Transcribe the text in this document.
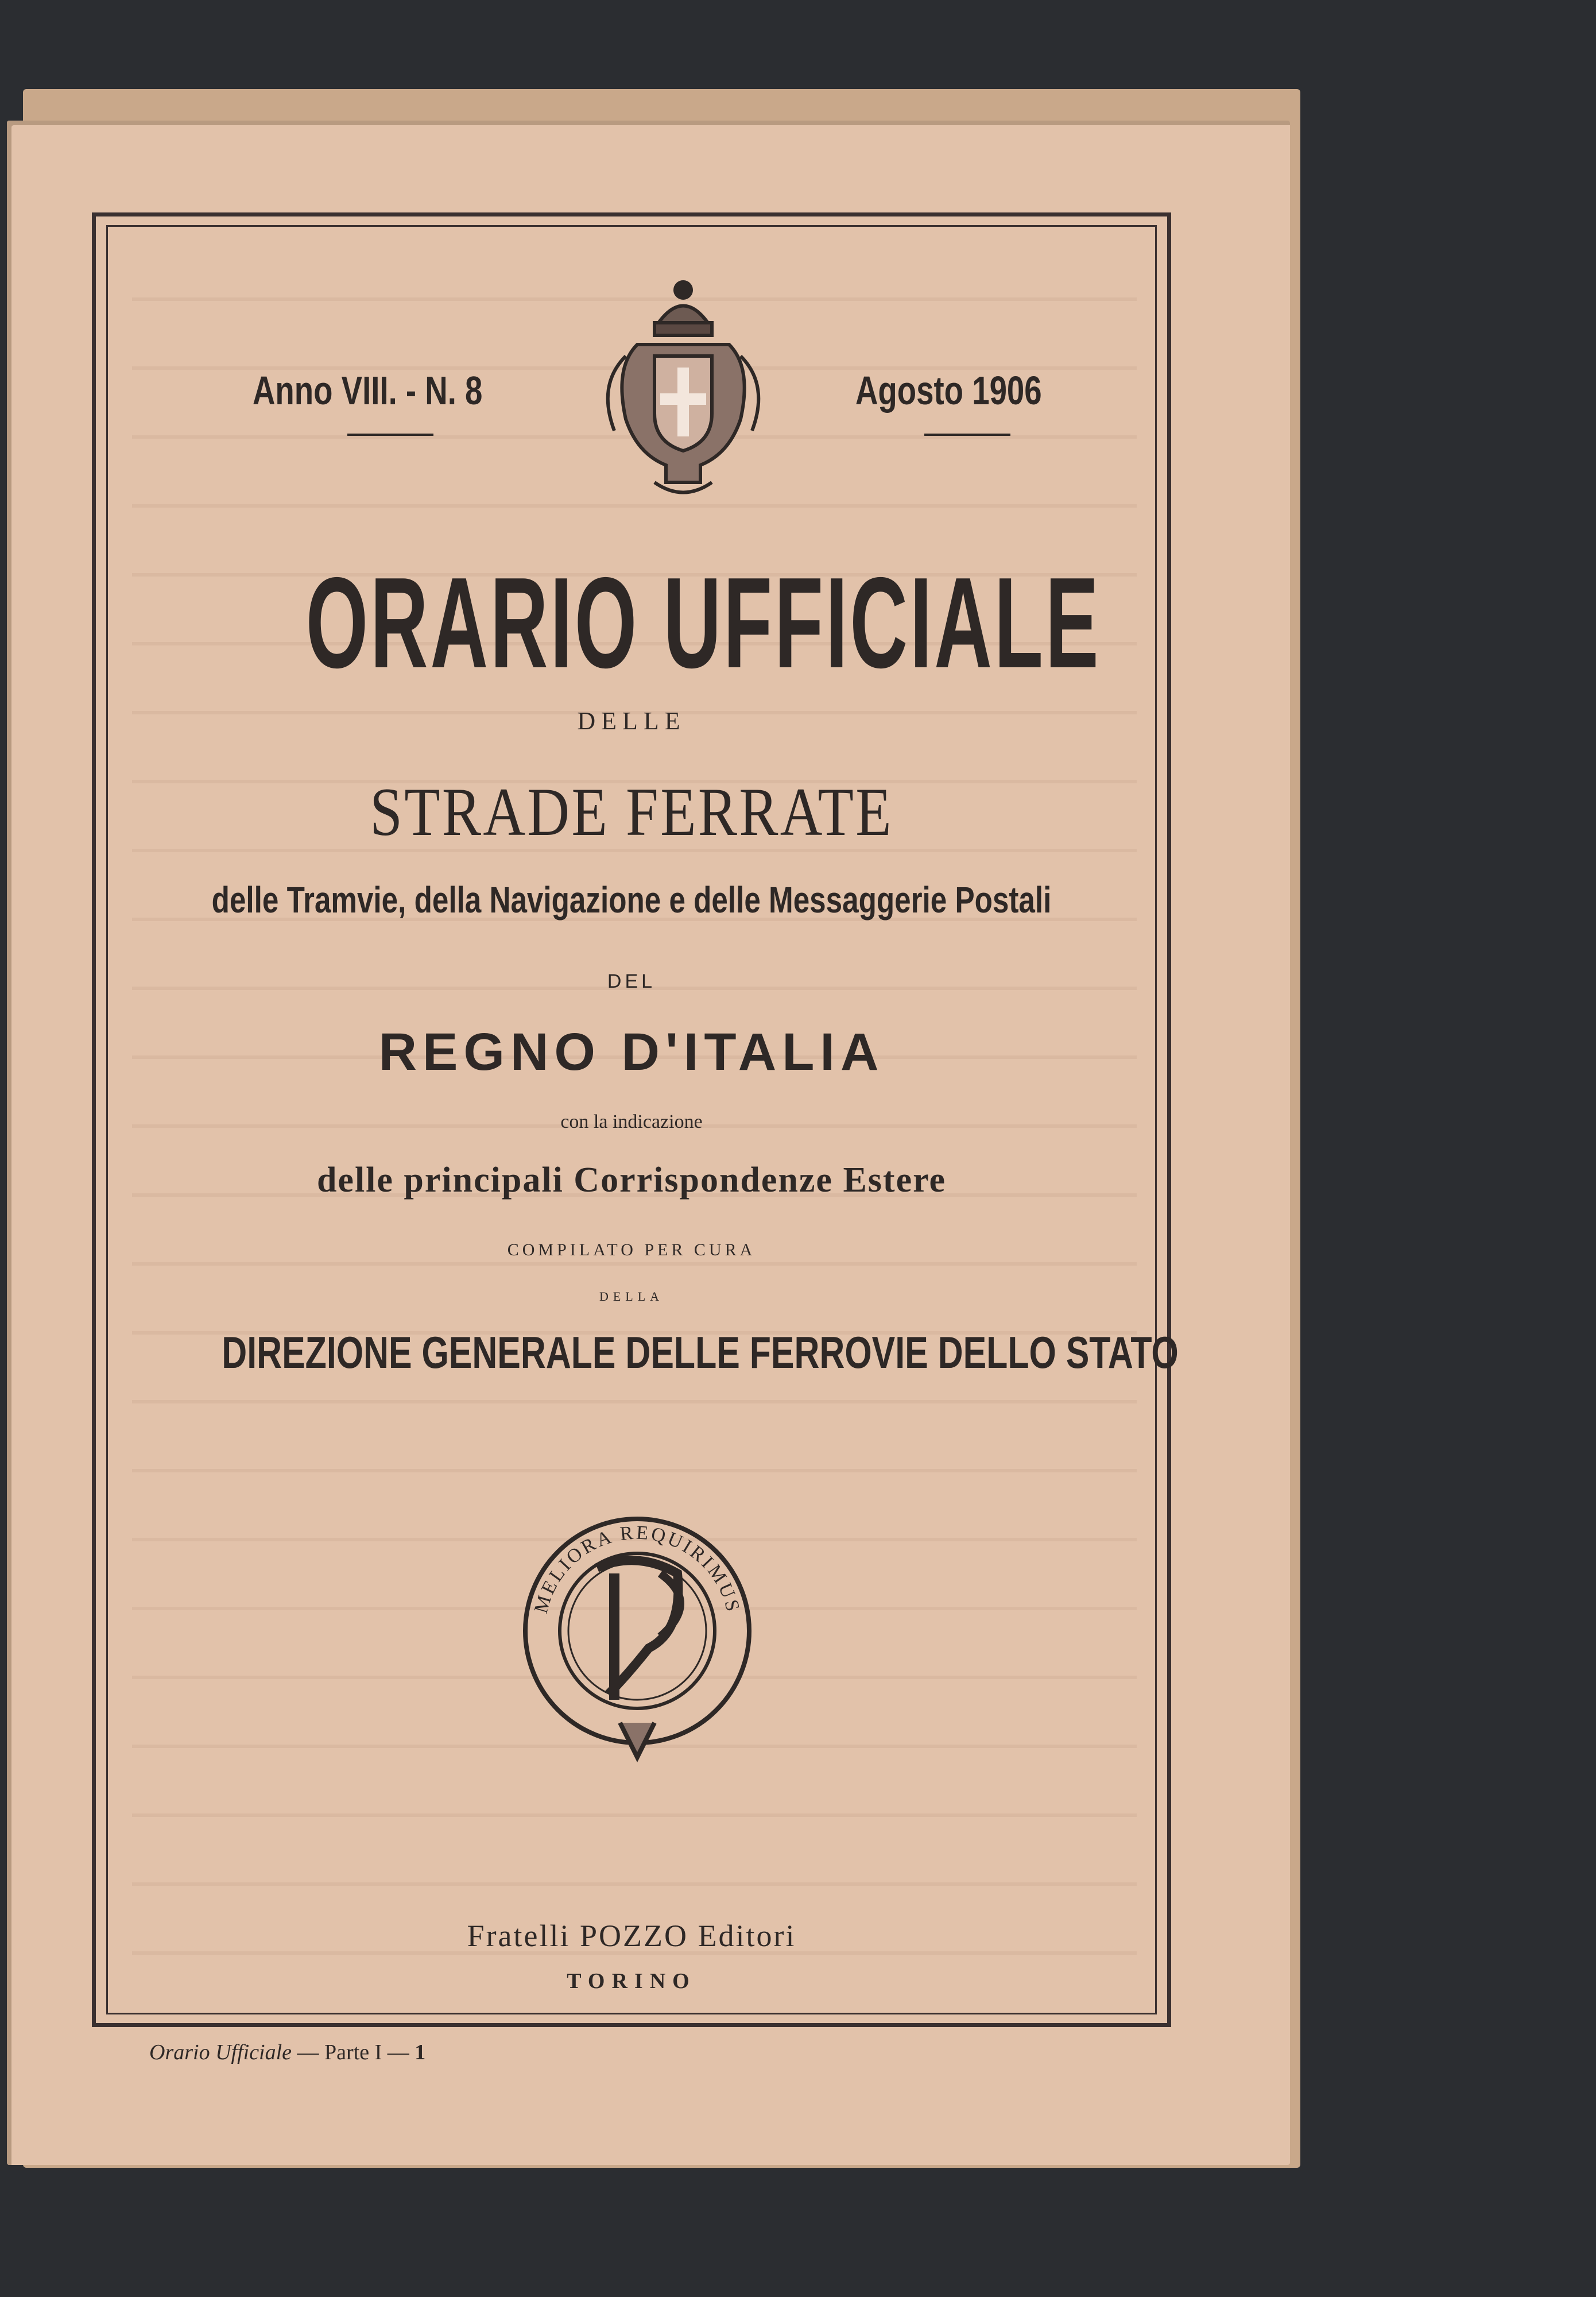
Anno VIII. - N. 8	Agosto 1906
ORARIO UFFICIALE
DELLE
STRADE FERRATE
delle Tramvie, della Navigazione e delle Messaggerie Postali
DEL
REGNO D'ITALIA
con la indicazione
delle principali Corrispondenze Estere
COMPILATO PER CURA
DELLA
DIREZIONE GENERALE DELLE FERROVIE DELLO STATO
MELIORA REQUIRIMUS
Fratelli POZZO Editori
TORINO
Orario Ufficiale — Parte I — 1
